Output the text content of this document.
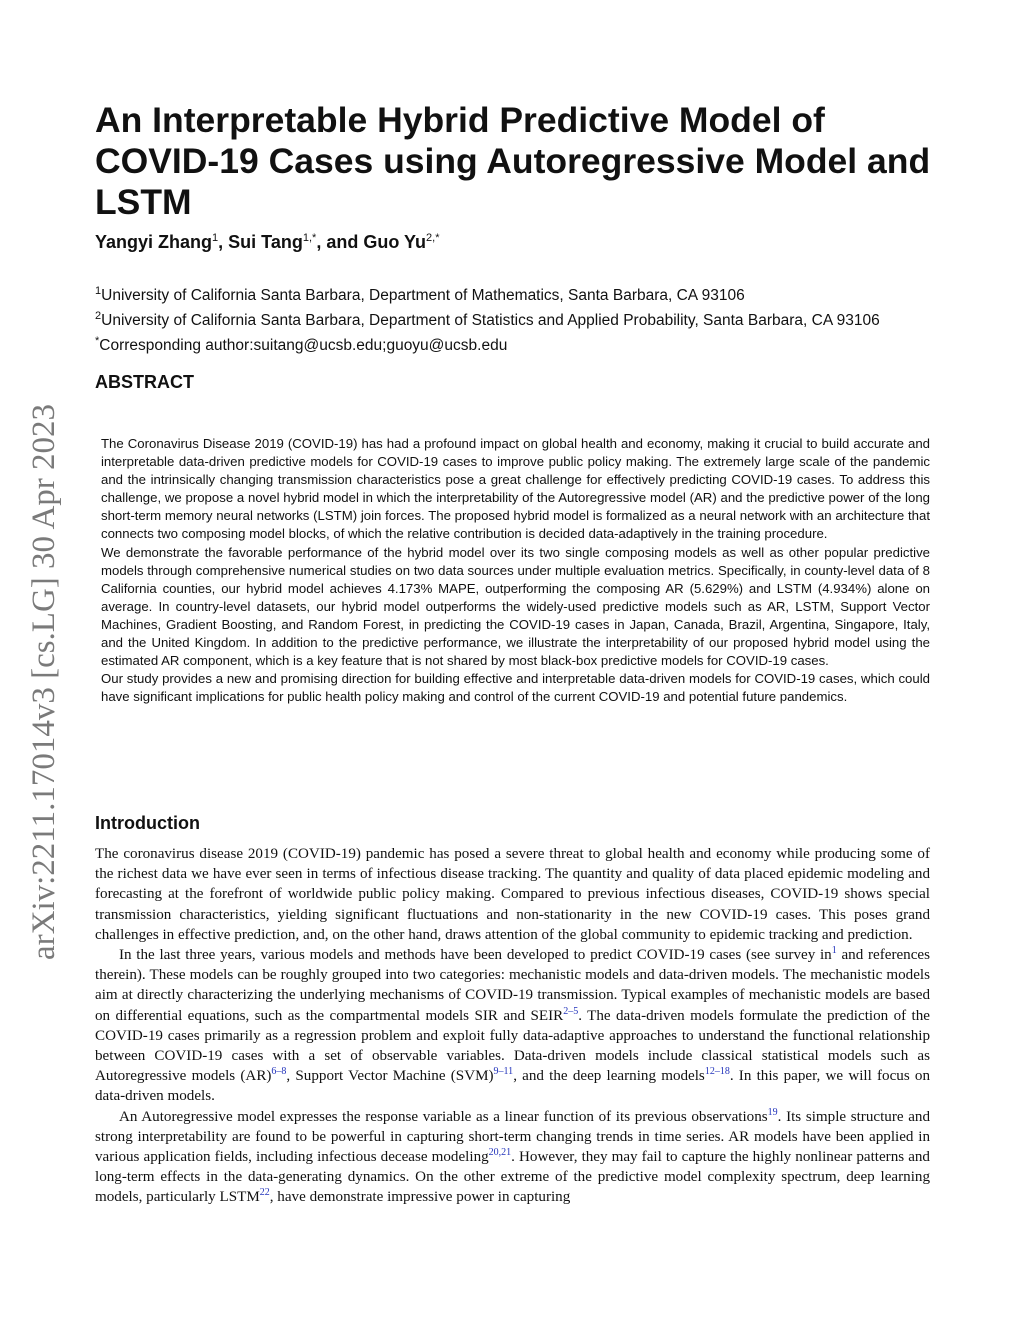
arXiv:2211.17014v3 [cs.LG] 30 Apr 2023
An Interpretable Hybrid Predictive Model of COVID-19 Cases using Autoregressive Model and LSTM
Yangyi Zhang$^1$, Sui Tang$^{1,*}$, and Guo $Yu^{2,*}$
$^1$University of California Santa Barbara, Department of Mathematics, Santa Barbara, CA 93106
$^2$University of California Santa Barbara, Department of Statistics and Applied Probability, Santa Barbara, CA 93106
*Corresponding author:suitang@ucsb.edu;guoyu@ucsb.edu
ABSTRACT

The Coronavirus Disease 2019 (COVID-19) has had a profound impact on global health and economy, making it crucial to build accurate and interpretable data-driven predictive models for COVID-19 cases to improve public policy making. The extremely large scale of the pandemic and the intrinsically changing transmission characteristics pose a great challenge for effectively predicting COVID-19 cases. To address this challenge, we propose a novel hybrid model in which the interpretability of the Autoregressive model (AR) and the predictive power of the long short-term memory neural networks (LSTM) join forces. The proposed hybrid model is formalized as a neural network with an architecture that connects two composing model blocks, of which the relative contribution is decided data-adaptively in the training procedure.

We demonstrate the favorable performance of the hybrid model over its two single composing models as well as other popular predictive models through comprehensive numerical studies on two data sources under multiple evaluation metrics. Specifically, in county-level data of 8 California counties, our hybrid model achieves 4.173% MAPE, outperforming the composing AR (5.629%) and LSTM (4.934%) alone on average. In country-level datasets, our hybrid model outperforms the widely-used predictive models such as AR, LSTM, Support Vector Machines, Gradient Boosting, and Random Forest, in predicting the COVID-19 cases in Japan, Canada, Brazil, Argentina, Singapore, Italy, and the United Kingdom. In addition to the predictive performance, we illustrate the interpretability of our proposed hybrid model using the estimated AR component, which is a key feature that is not shared by most black-box predictive models for COVID-19 cases.

Our study provides a new and promising direction for building effective and interpretable data-driven models for COVID-19 cases, which could have significant implications for public health policy making and control of the current COVID-19 and potential future pandemics.

Introduction

The coronavirus disease 2019 (COVID-19) pandemic has posed a severe threat to global health and economy while producing some of the richest data we have ever seen in terms of infectious disease tracking. The quantity and quality of data placed epidemic modeling and forecasting at the forefront of worldwide public policy making. Compared to previous infectious diseases, COVID-19 shows special transmission characteristics, yielding significant fluctuations and non-stationarity in the new COVID-19 cases. This poses grand challenges in effective prediction, and, on the other hand, draws attention of the global community to epidemic tracking and prediction.

In the last three years, various models and methods have been developed to predict COVID-19 cases (see survey $in^1$ and references therein). These models can be roughly grouped into two categories: mechanistic models and data-driven models. The mechanistic models aim at directly characterizing the underlying mechanisms of COVID-19 transmission. Typical examples of mechanistic models are based on differential equations, such as the compartmental models SIR and SEIR$^{2-5}$. The data-driven models formulate the prediction of the COVID-19 cases primarily as a regression problem and exploit fully data-adaptive approaches to understand the functional relationship between COVID-19 cases with a set of observable variables. Data-driven models include classical statistical models such as Autoregressive models (AR)$^{6-8}$, Support Vector Machine (SVM)$^{9-11}$, and the deep learning models$^{12-18}$. In this paper, we will focus on data-driven models.

An Autoregressive model expresses the response variable as a linear function of its previous observations$^{19}$. Its simple structure and strong interpretability are found to be powerful in capturing short-term changing trends in time series. AR models have been applied in various application fields, including infectious decease modeling$^{20,21}$. However, they may fail to capture the highly nonlinear patterns and long-term effects in the data-generating dynamics. On the other extreme of the predictive model complexity spectrum, deep learning models, particularly LSTM$^{22}$, have demonstrate impressive power in capturing
